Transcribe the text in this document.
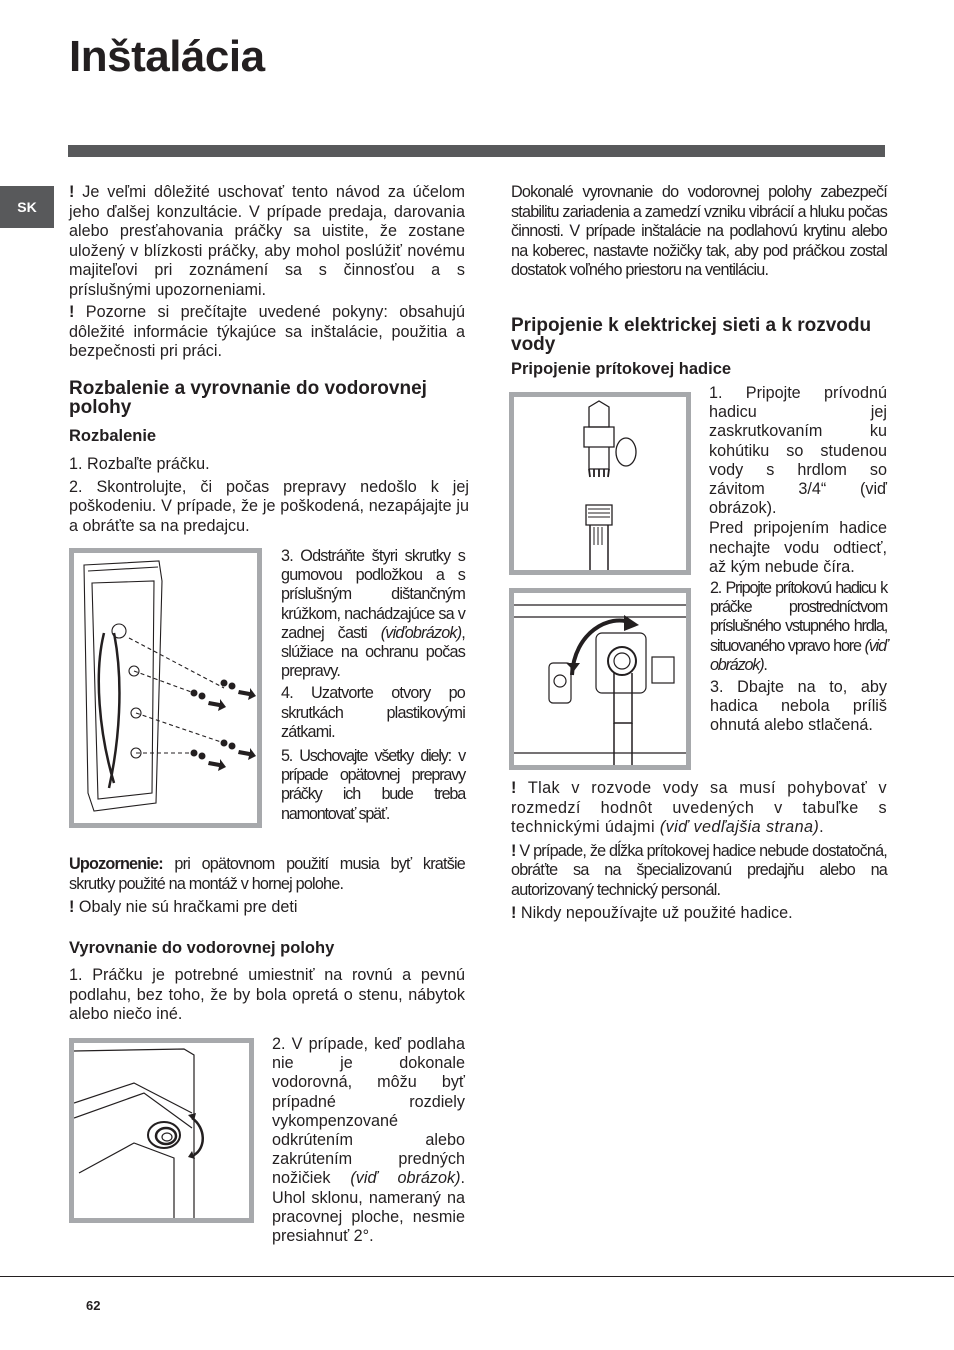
Inštalácia
SK

! Je veľmi dôležité uschovať tento návod za účelom jeho ďalšej konzultácie. V prípade predaja, darovania alebo presťahovania práčky sa uistite, že zostane uložený v blízkosti práčky, aby mohol poslúžiť novému majiteľovi pri zoznámení sa s činnosťou a s príslušnými upozorneniami.

! Pozorne si prečítajte uvedené pokyny: obsahujú dôležité informácie týkajúce sa inštalácie, použitia a bezpečnosti pri práci.

Rozbalenie a vyrovnanie do vodorovnej polohy
Rozbalenie

1. Rozbaľte práčku.

2. Skontrolujte, či počas prepravy nedošlo k jej poškodeniu. V prípade, že je poškodená, nezapájajte ju a obráťte sa na predajcu.

3. Odstráňte štyri skrutky s gumovou podložkou a s príslušným dištančným krúžkom, nachádzajúce sa v zadnej časti (viďobrázok), slúžiace na ochranu počas prepravy.

4. Uzatvorte otvory po skrutkách plastikovými zátkami.

5. Uschovajte všetky diely: v prípade opätovnej prepravy práčky ich bude treba namontovať späť.

Upozornenie: pri opätovnom použití musia byť kratšie skrutky použité na montáž v hornej polohe.

! Obaly nie sú hračkami pre deti

Vyrovnanie do vodorovnej polohy

1. Práčku je potrebné umiestniť na rovnú a pevnú podlahu, bez toho, že by bola opretá o stenu, nábytok alebo niečo iné.

2. V prípade, keď podlaha nie je dokonale vodorovná, môžu byť prípadné rozdiely vykompenzované odkrútením alebo zakrútením predných nožičiek (viď obrázok). Uhol sklonu, nameraný na pracovnej ploche, nesmie presiahnuť 2°.

Dokonalé vyrovnanie do vodorovnej polohy zabezpečí stabilitu zariadenia a zamedzí vzniku vibrácií a hluku počas činnosti. V prípade inštalácie na podlahovú krytinu alebo na koberec, nastavte nožičky tak, aby pod práčkou zostal dostatok voľného priestoru na ventiláciu.

Pripojenie k elektrickej sieti a k rozvodu vody
Pripojenie prítokovej hadice

1. Pripojte prívodnú hadicu jej zaskrutkovaním ku kohútiku so studenou vody s hrdlom so závitom 3/4“ (viď obrázok).

Pred pripojením hadice nechajte vodu odtiecť, až kým nebude číra.

2. Pripojte prítokovú hadicu k práčke prostredníctvom príslušného vstupného hrdla, situovaného vpravo hore (viď obrázok).

3. Dbajte na to, aby hadica nebola príliš ohnutá alebo stlačená.

! Tlak v rozvode vody sa musí pohybovať v rozmedzí hodnôt uvedených v tabuľke s technickými údajmi (viď vedľajšia strana).

! V prípade, že dĺžka prítokovej hadice nebude dostatočná, obráťte sa na špecializovanú predajňu alebo na autorizovaný technický personál.

! Nikdy nepoužívajte už použité hadice.

62
